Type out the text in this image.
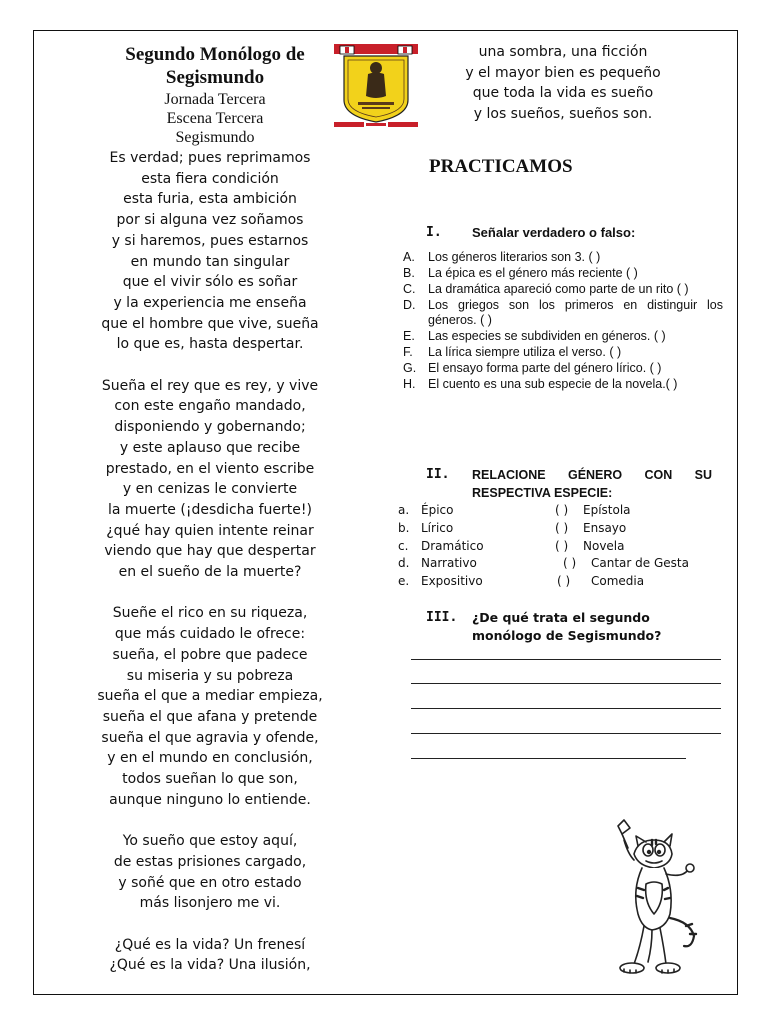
Segundo Monólogo de
Segismundo
Jornada Tercera
Escena Tercera
Segismundo
Es verdad; pues reprimamos
esta fiera condición
esta furia, esta ambición
por si alguna vez soñamos
y si haremos, pues estarnos
en mundo tan singular
que el vivir sólo es soñar
y la experiencia me enseña
que el hombre que vive, sueña
lo que es, hasta despertar.
Sueña el rey que es rey, y vive
con este engaño mandado,
disponiendo y gobernando;
y este aplauso que recibe
prestado, en el viento escribe
y en cenizas le convierte
la muerte (¡desdicha fuerte!)
¿qué hay quien intente reinar
viendo que hay que despertar
en el sueño de la muerte?
Sueñe el rico en su riqueza,
que más cuidado le ofrece:
sueña, el pobre que padece
su miseria y su pobreza
sueña el que a mediar empieza,
sueña el que afana y pretende
sueña el que agravia y ofende,
y en el mundo en conclusión,
todos sueñan lo que son,
aunque ninguno lo entiende.
Yo sueño que estoy aquí,
de estas prisiones cargado,
y soñé que en otro estado
más lisonjero me vi.
¿Qué es la vida? Un frenesí
¿Qué es la vida? Una ilusión,
una sombra, una ficción
y el mayor bien es pequeño
que toda la vida es sueño
y los sueños, sueños son.
PRACTICAMOS
I. Señalar verdadero o falso:
A.	Los géneros literarios son 3. ( )
B.	La épica es el género más reciente ( )
C.	La dramática apareció como parte de un rito ( )
D.	Los griegos son los primeros en distinguir los géneros. ( )
E.	Las especies se subdividen en géneros. ( )
F.	La lírica siempre utiliza el verso. ( )
G. El ensayo forma parte del género lírico. ( )
H.	El cuento es una sub especie de la novela.( )
II. RELACIONE GÉNERO CON SU RESPECTIVA ESPECIE:
a. Épico	( ) Epístola
b. Lírico	( ) Ensayo
c. Dramático	( ) Novela
d. Narrativo	( ) Cantar de Gesta
e. Expositivo	( ) Comedia
III. ¿De qué trata el segundo monólogo de Segismundo?
